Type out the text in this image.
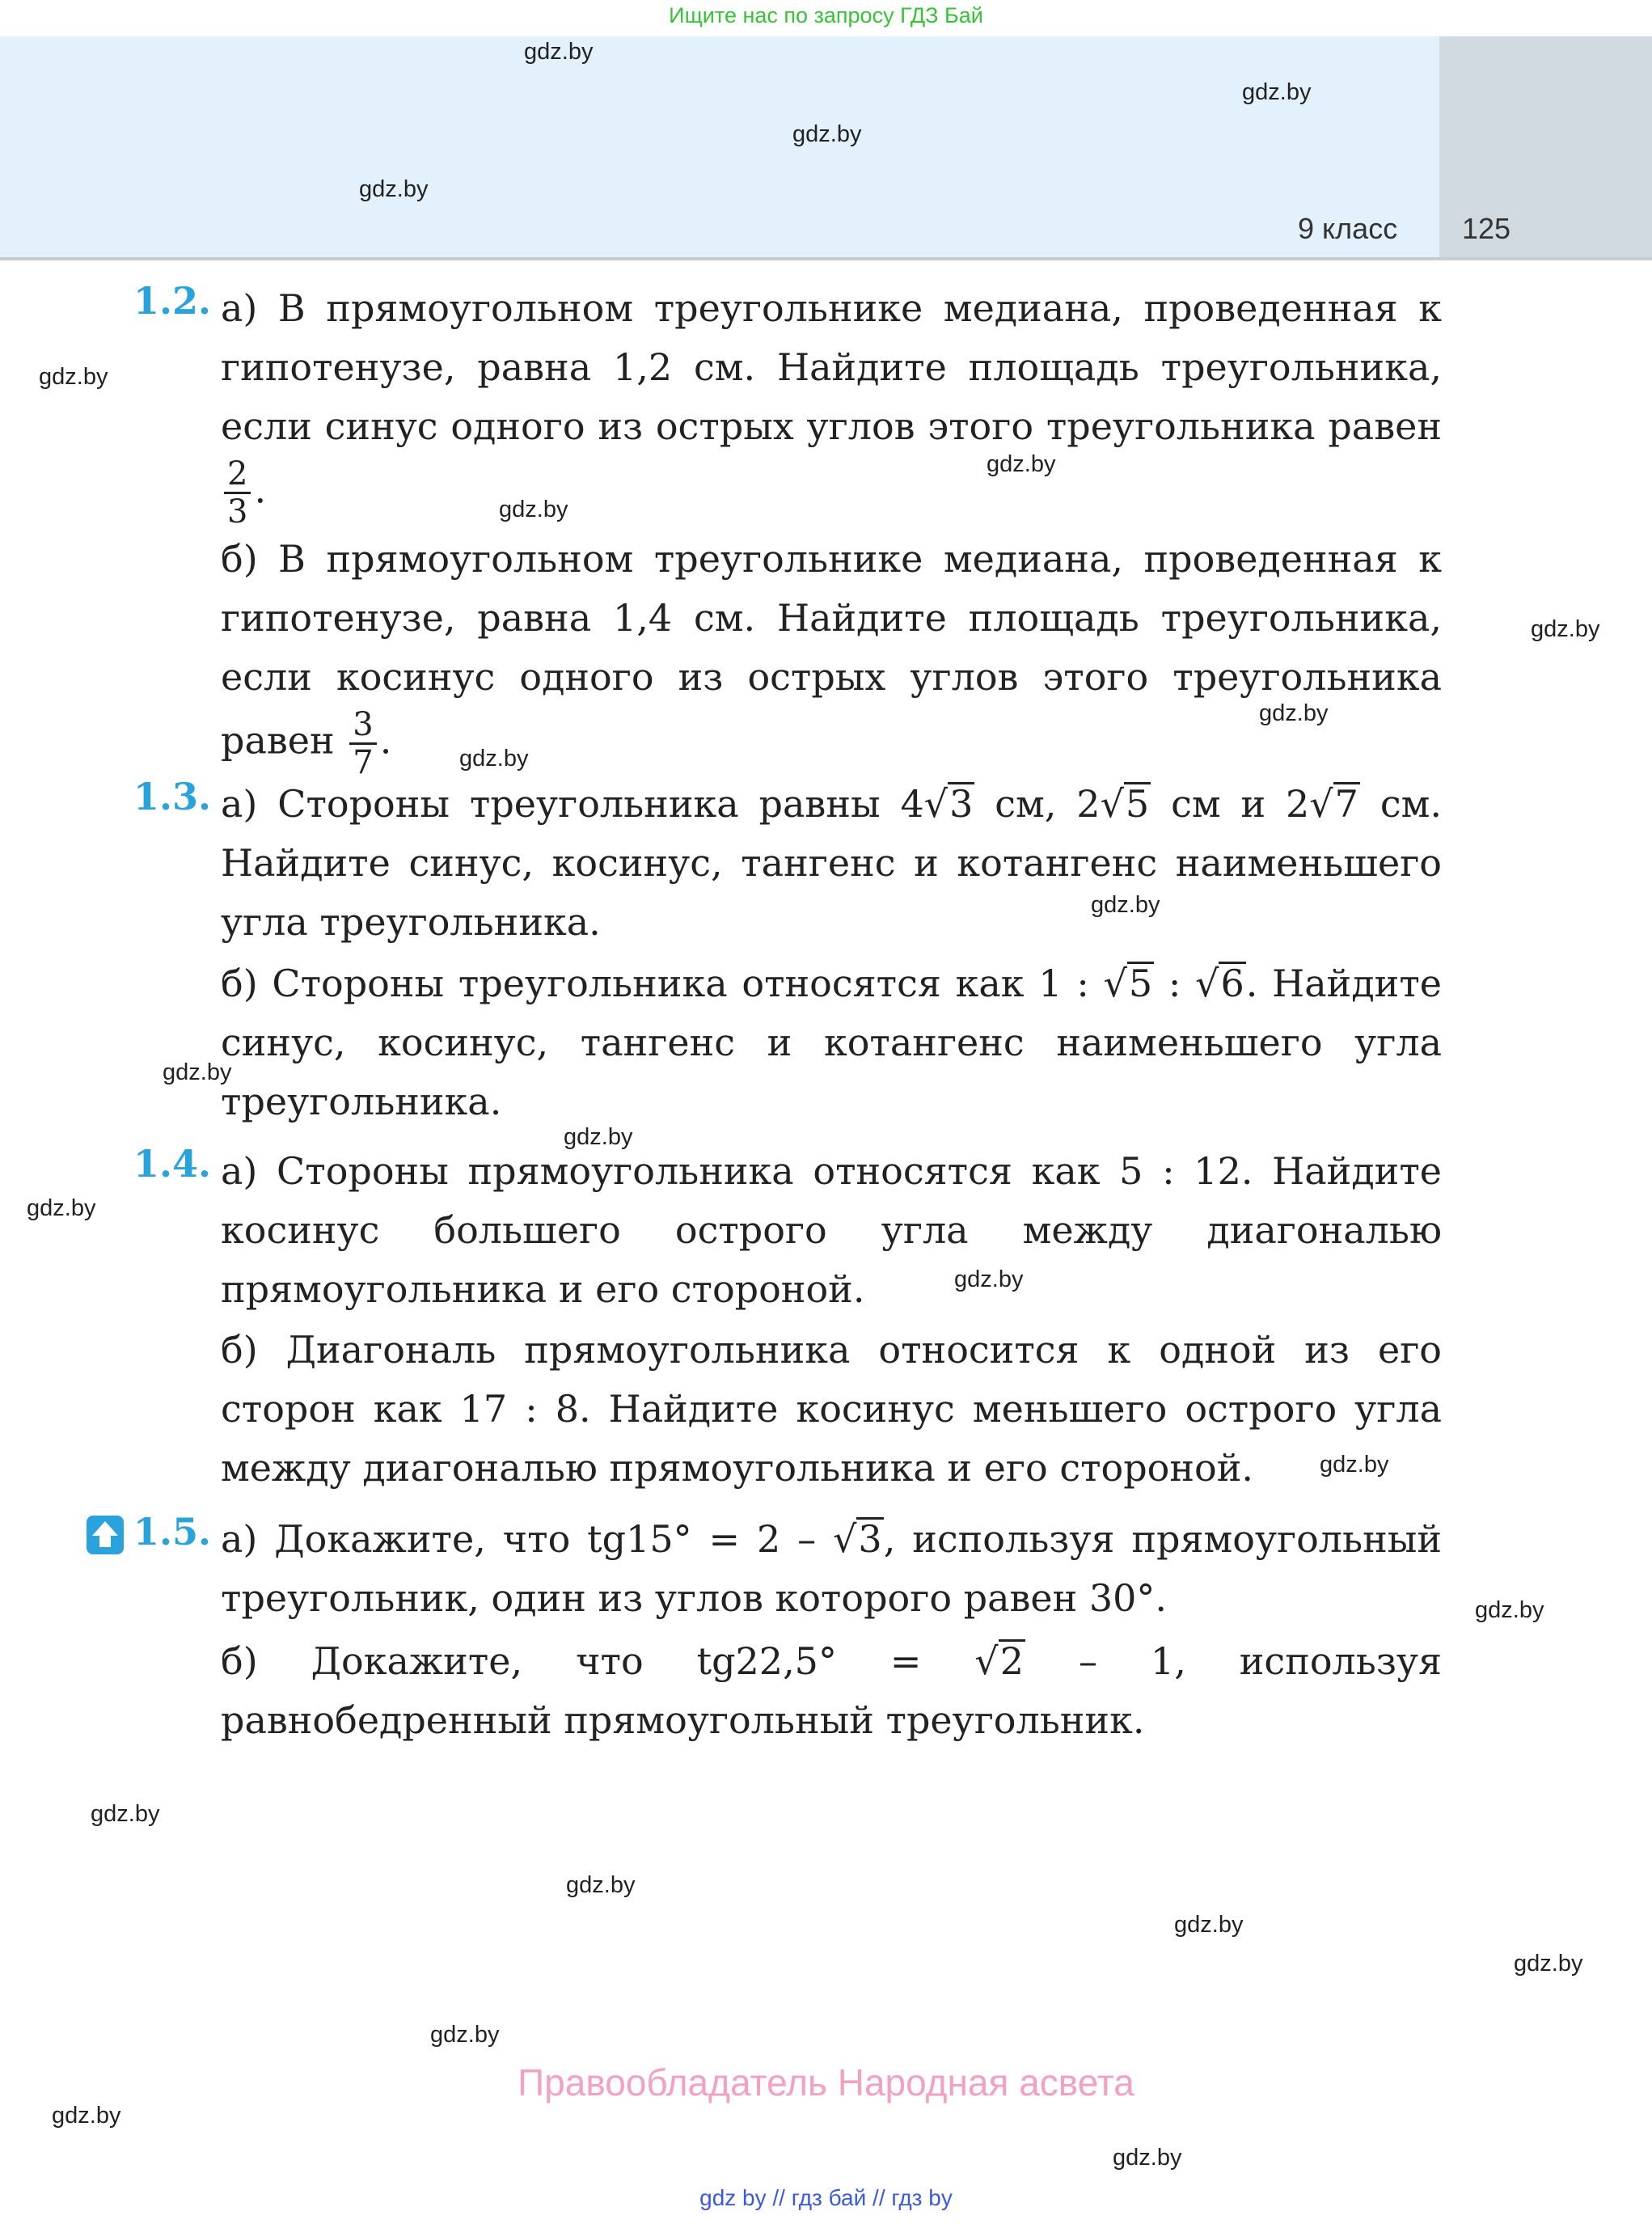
Ищите нас по запросу ГДЗ Бай
9 класс 125
gdz.by
gdz.by
gdz.by
gdz.by
gdz.by
gdz.by
gdz.by
gdz.by
gdz.by
gdz.by
gdz.by
gdz.by
gdz.by
gdz.by
gdz.by
gdz.by
gdz.by
gdz.by
gdz.by
gdz.by
gdz.by
gdz.by
gdz.by
gdz.by
1.2. а) В прямоугольном треугольнике медиана, проведенная к гипотенузе, равна 1,2 см. Найдите площадь треугольника, если синус одного из острых углов этого треугольника равен
$\frac{2}{3}$ .
б) В прямоугольном треугольнике медиана, проведенная к гипотенузе, равна 1,4 см. Найдите площадь треугольника, если косинус одного из острых углов этого треугольника равен $\frac{3}{7}$ .
1.3. а) Стороны треугольника равны 4√3 см, 2√5 см и 2√7 см. Найдите синус, косинус, тангенс и котангенс наименьшего угла треугольника.
б) Стороны треугольника относятся как 1 : √5 : √6. Найдите синус, косинус, тангенс и котангенс наименьшего угла треугольника.
1.4. а) Стороны прямоугольника относятся как 5 : 12. Найдите косинус большего острого угла между диагональю прямоугольника и его стороной.
б) Диагональ прямоугольника относится к одной из его сторон как 17 : 8. Найдите косинус меньшего острого угла между диагональю прямоугольника и его стороной.
1.5. а) Докажите, что tg15° = 2 – √3, используя прямоугольный треугольник, один из углов которого равен 30°.
б) Докажите, что tg22,5° = √2 – 1, используя равнобедренный прямоугольный треугольник.
Правообладатель Народная асвета
gdz by // гдз бай // гдз by
